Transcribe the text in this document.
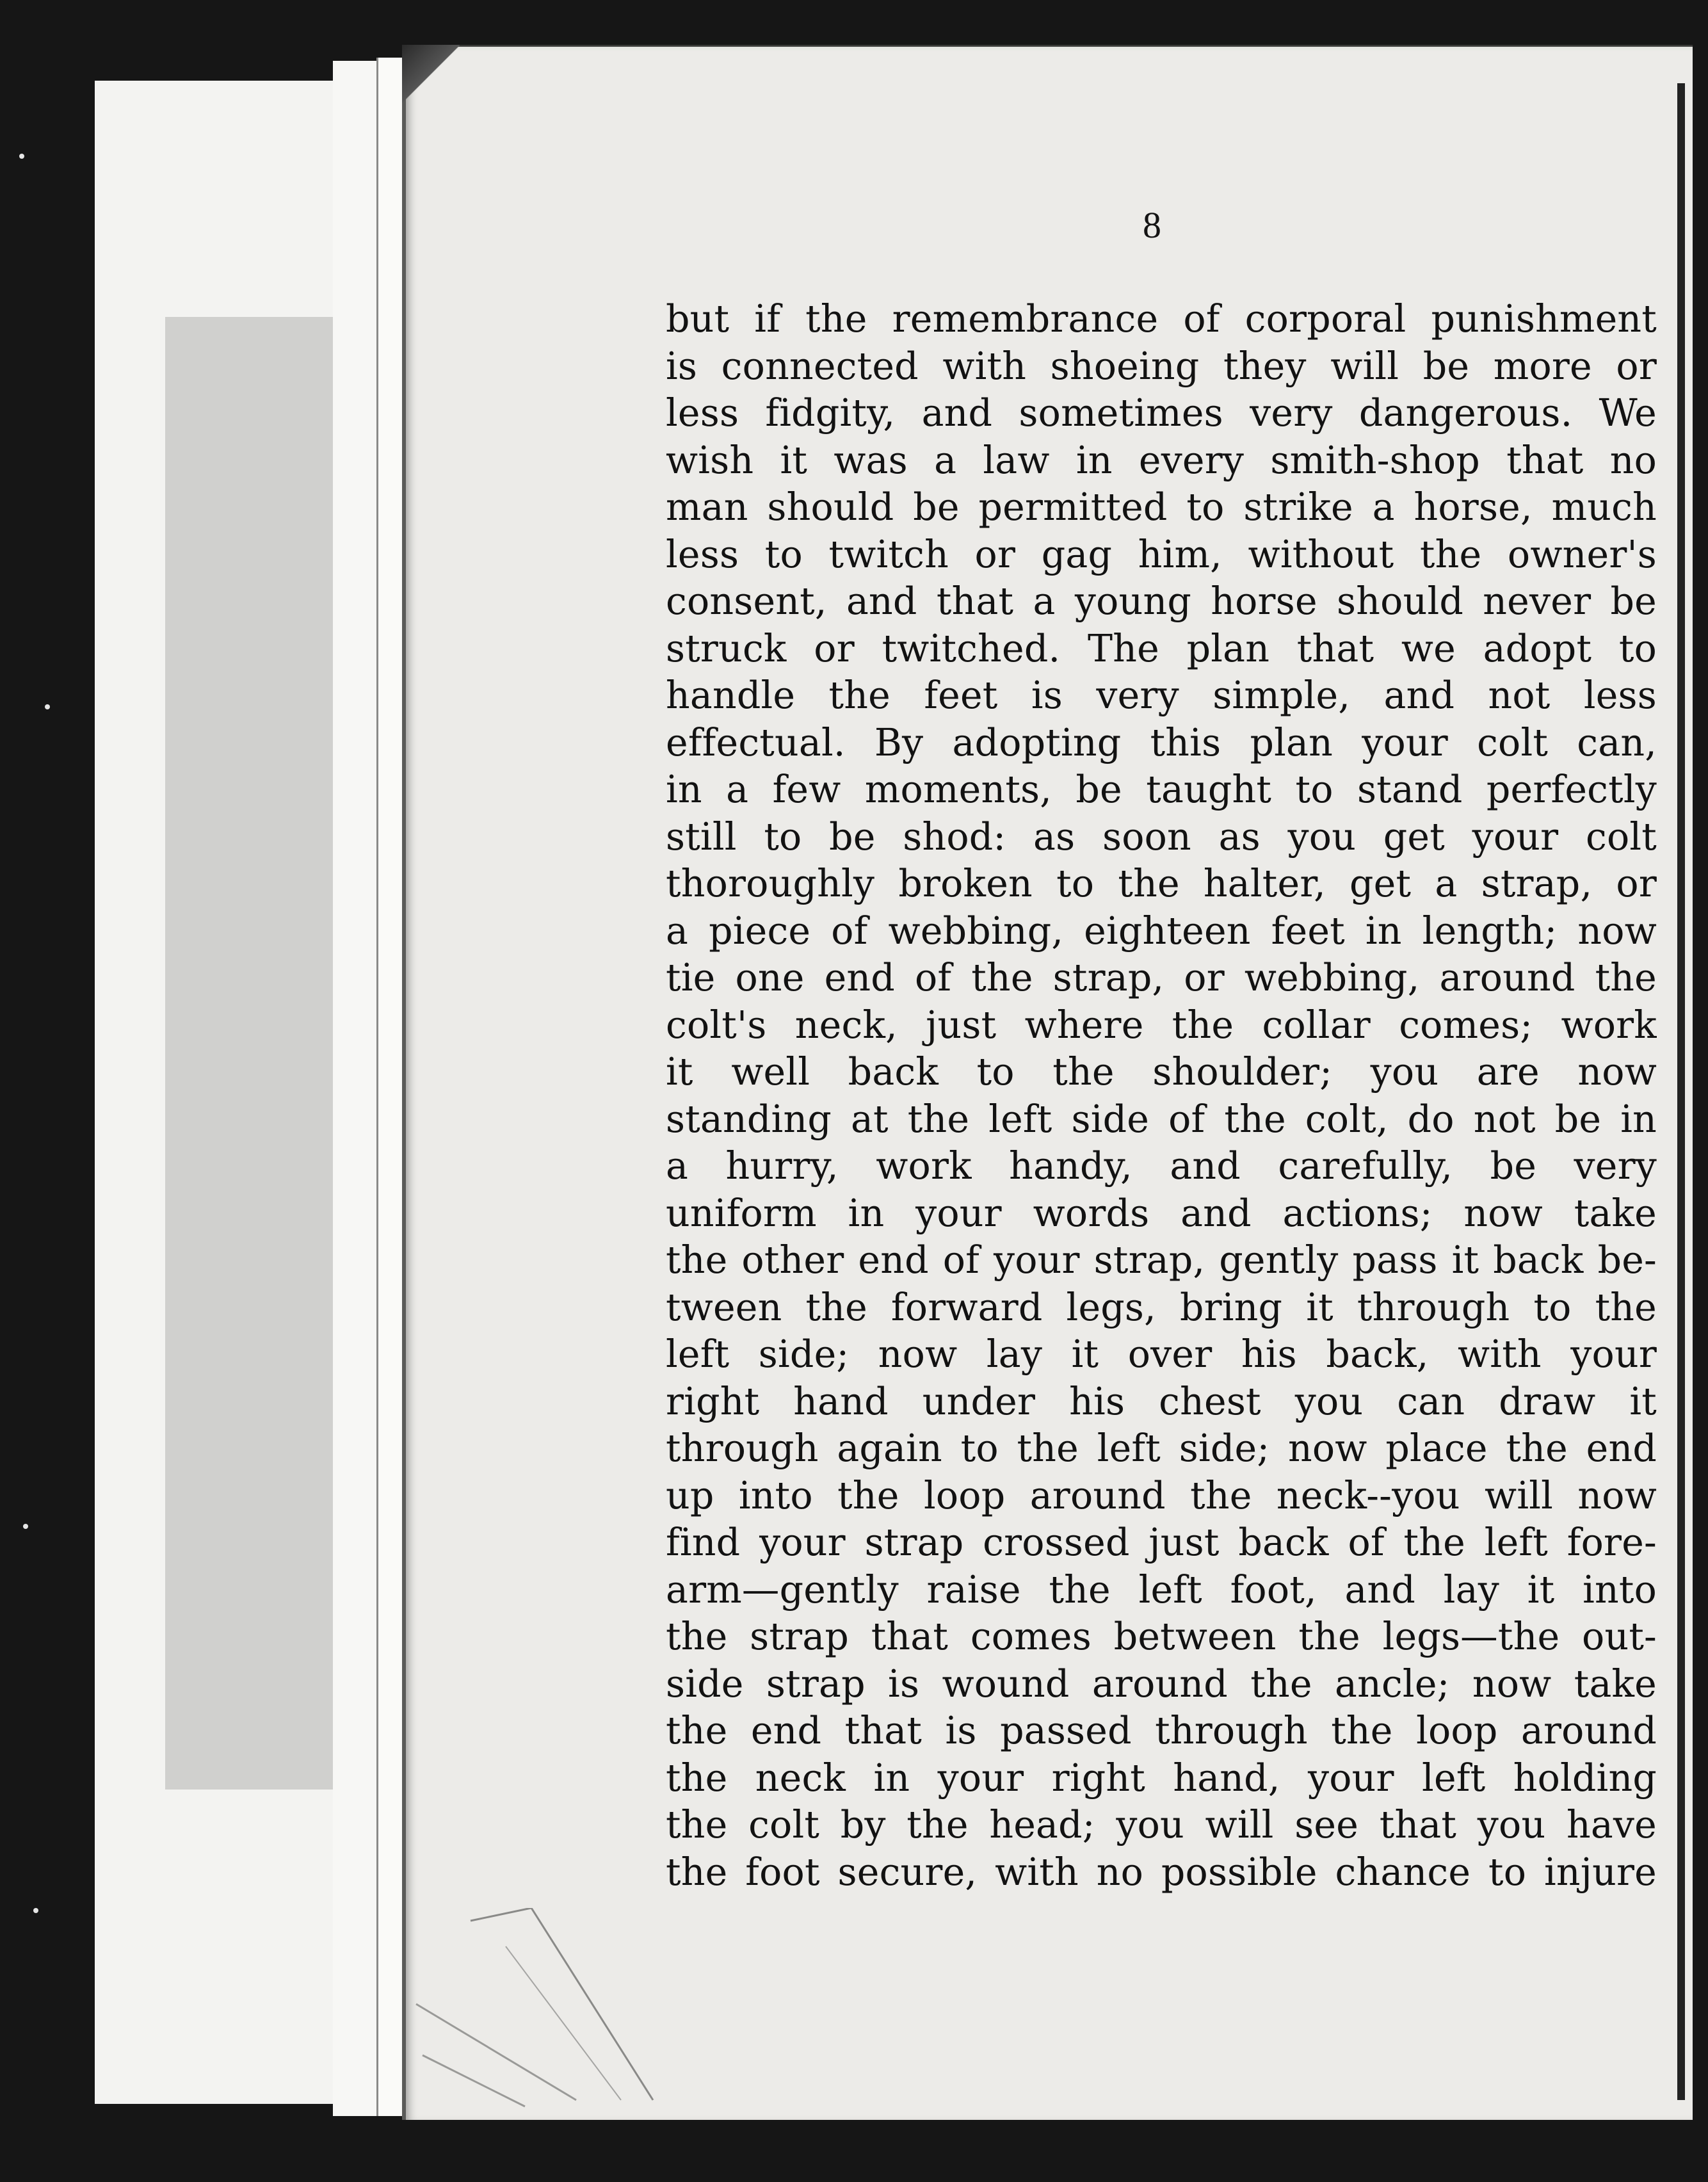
8
but if the remembrance of corporal punishment
is connected with shoeing they will be more or
less fidgity, and sometimes very dangerous. We
wish it was a law in every smith-shop that no
man should be permitted to strike a horse, much
less to twitch or gag him, without the owner's
consent, and that a young horse should never be
struck or twitched. The plan that we adopt to
handle the feet is very simple, and not less
effectual. By adopting this plan your colt can,
in a few moments, be taught to stand perfectly
still to be shod: as soon as you get your colt
thoroughly broken to the halter, get a strap, or
a piece of webbing, eighteen feet in length; now
tie one end of the strap, or webbing, around the
colt's neck, just where the collar comes; work
it well back to the shoulder; you are now
standing at the left side of the colt, do not be in
a hurry, work handy, and carefully, be very
uniform in your words and actions; now take
the other end of your strap, gently pass it back be-
tween the forward legs, bring it through to the
left side; now lay it over his back, with your
right hand under his chest you can draw it
through again to the left side; now place the end
up into the loop around the neck--you will now
find your strap crossed just back of the left fore-
arm—gently raise the left foot, and lay it into
the strap that comes between the legs—the out-
side strap is wound around the ancle; now take
the end that is passed through the loop around
the neck in your right hand, your left holding
the colt by the head; you will see that you have
the foot secure, with no possible chance to injure
